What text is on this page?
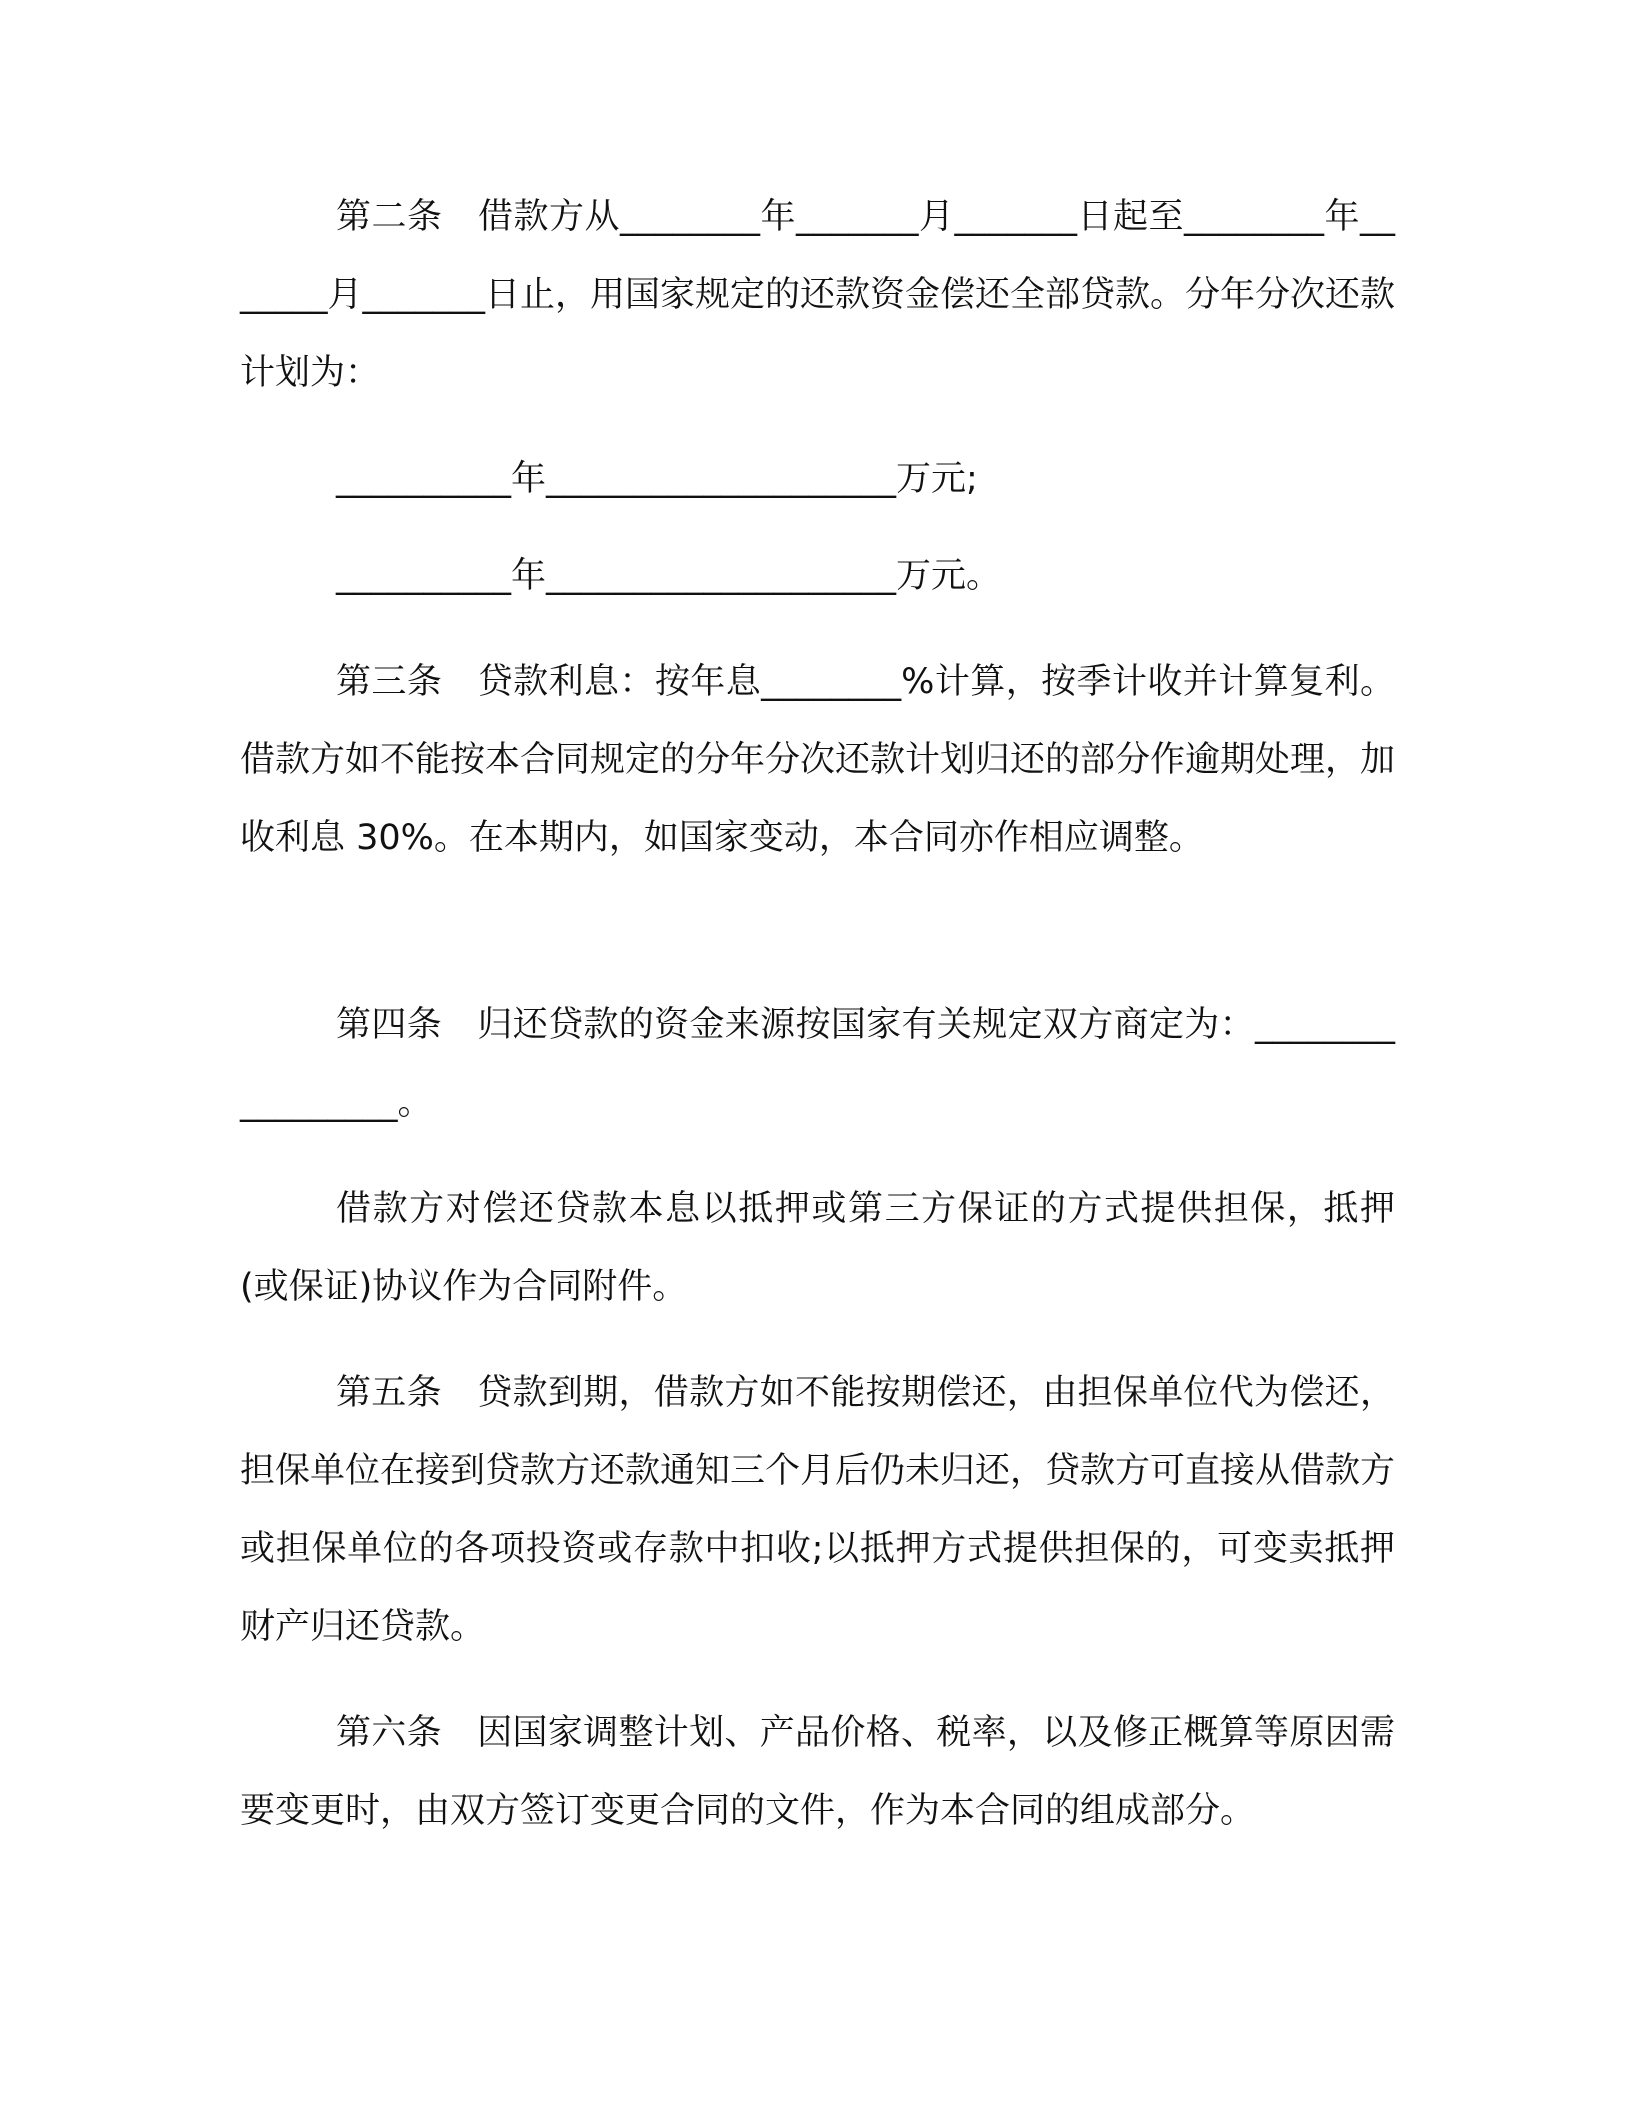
第二条　借款方从________年_______月_______日起至________年_______月_______日止，用国家规定的还款资金偿还全部贷款。分年分次还款计划为：

__________年____________________万元;

__________年____________________万元。

第三条　贷款利息：按年息________%计算，按季计收并计算复利。借款方如不能按本合同规定的分年分次还款计划归还的部分作逾期处理，加收利息 30%。在本期内，如国家变动，本合同亦作相应调整。

第四条　归还贷款的资金来源按国家有关规定双方商定为：_________________。

借款方对偿还贷款本息以抵押或第三方保证的方式提供担保，抵押(或保证)协议作为合同附件。

第五条　贷款到期，借款方如不能按期偿还，由担保单位代为偿还，担保单位在接到贷款方还款通知三个月后仍未归还，贷款方可直接从借款方或担保单位的各项投资或存款中扣收;以抵押方式提供担保的，可变卖抵押财产归还贷款。

第六条　因国家调整计划、产品价格、税率，以及修正概算等原因需要变更时，由双方签订变更合同的文件，作为本合同的组成部分。
